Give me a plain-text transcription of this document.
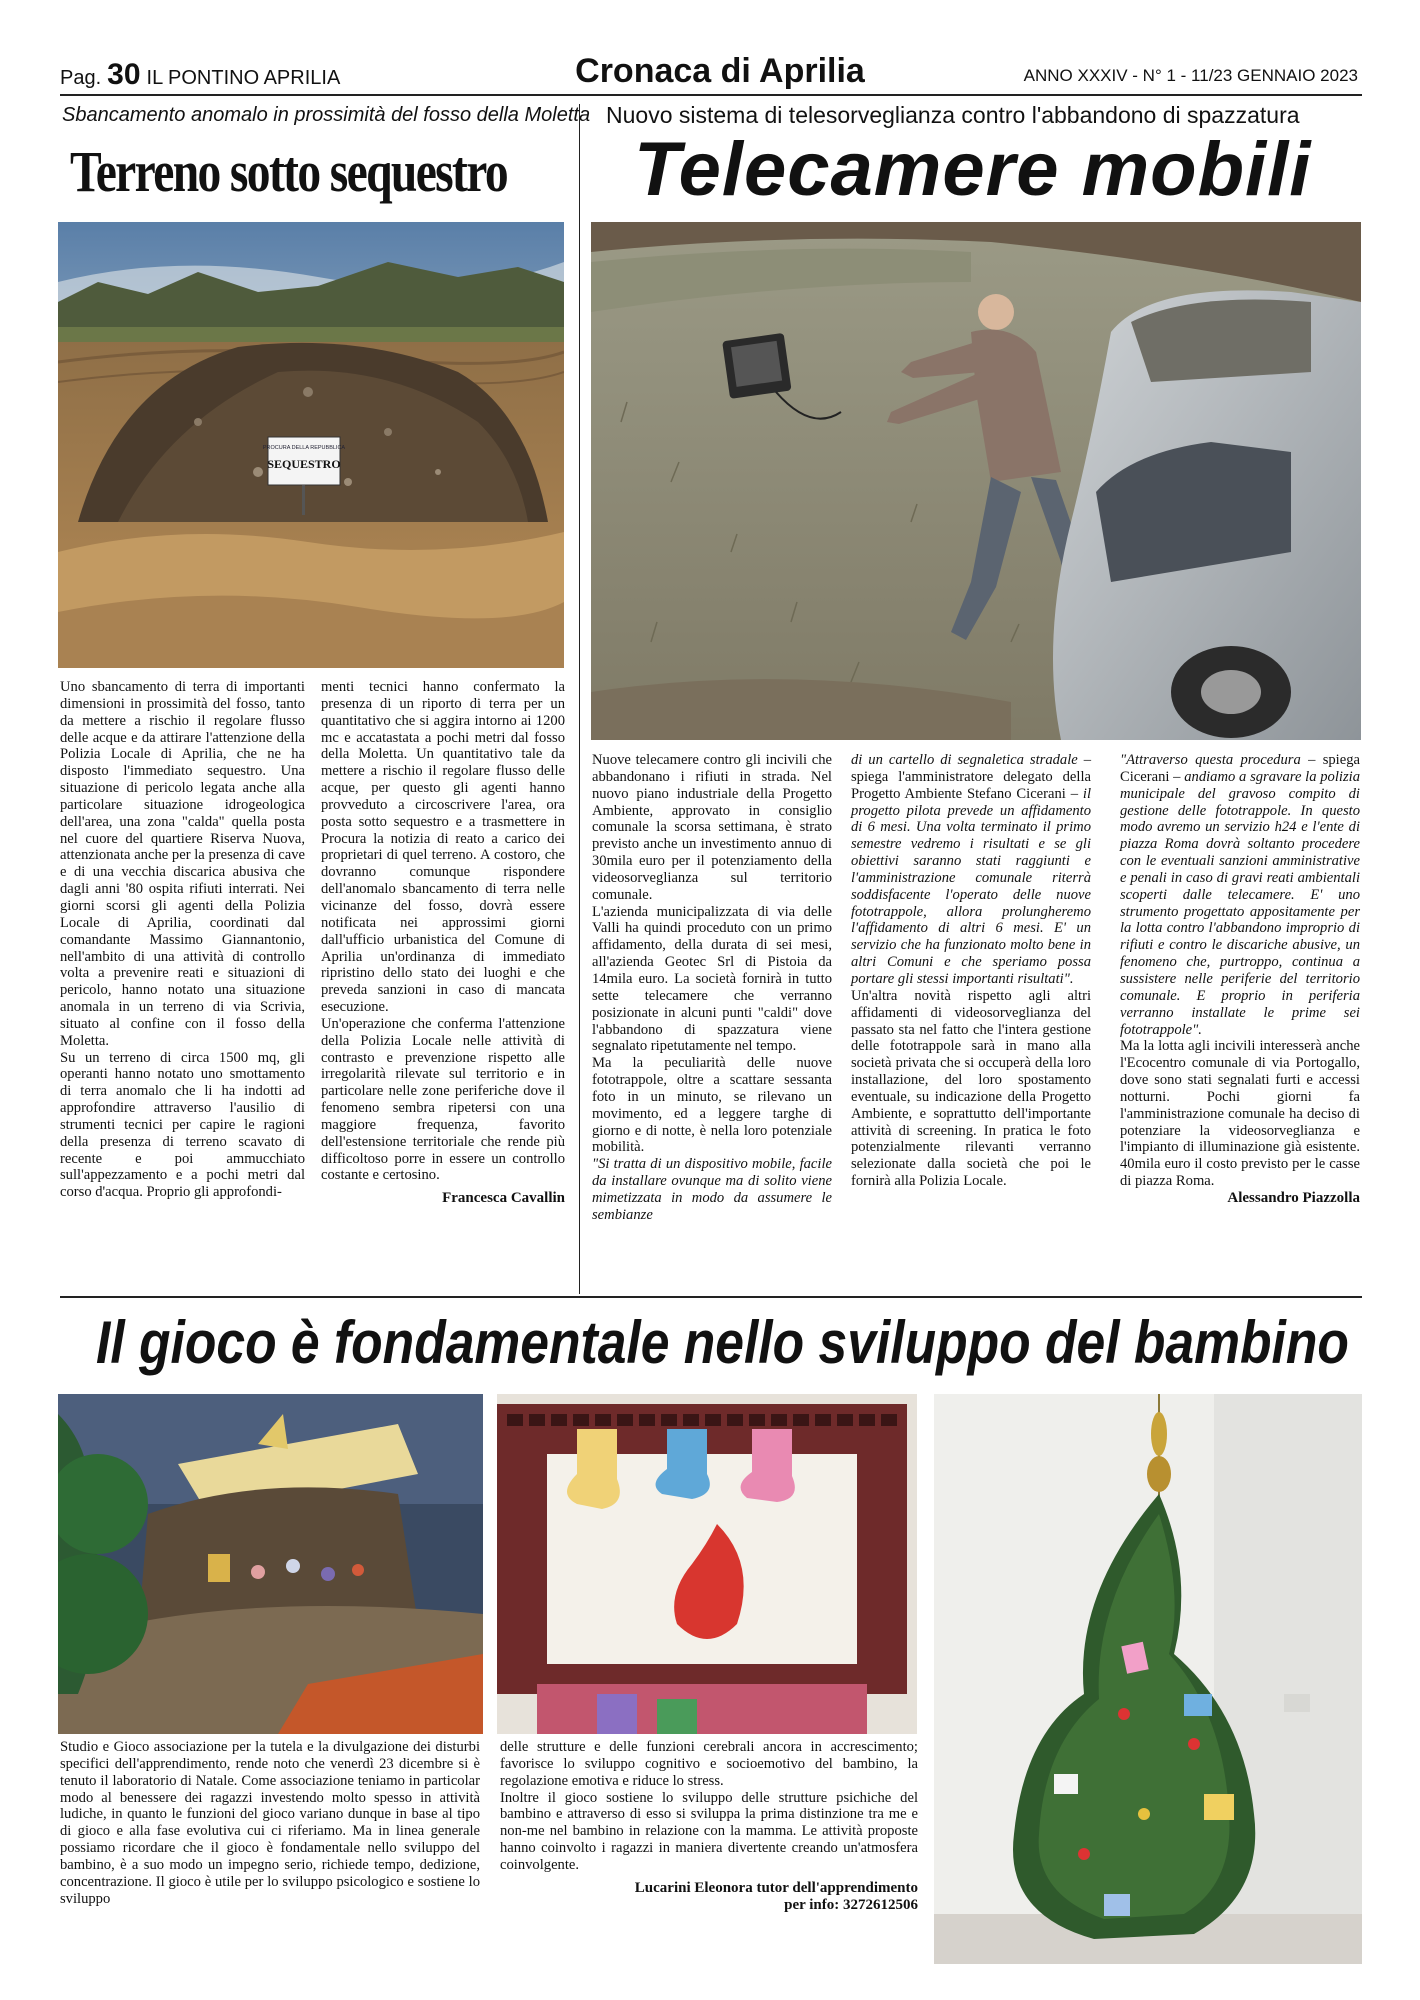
Pag. 30 IL PONTINO APRILIA	Cronaca di Aprilia	ANNO XXXIV - N° 1 - 11/23 GENNAIO 2023
Sbancamento anomalo in prossimità del fosso della Moletta
Terreno sotto sequestro
PROCURA DELLA REPUBBLICA
SEQUESTRO

Uno sbancamento di terra di importanti dimensioni in prossimità del fosso, tanto da mettere a rischio il regolare flusso delle acque e da attirare l'attenzione della Polizia Locale di Aprilia, che ne ha disposto l'immediato sequestro. Una situazione di pericolo legata anche alla particolare situazione idrogeologica dell'area, una zona "calda" quella posta nel cuore del quartiere Riserva Nuova, attenzionata anche per la presenza di cave e di una vecchia discarica abusiva che dagli anni '80 ospita rifiuti interrati. Nei giorni scorsi gli agenti della Polizia Locale di Aprilia, coordinati dal comandante Massimo Giannantonio, nell'ambito di una attività di controllo volta a prevenire reati e situazioni di pericolo, hanno notato una situazione anomala in un terreno di via Scrivia, situato al confine con il fosso della Moletta.

Su un terreno di circa 1500 mq, gli operanti hanno notato uno smottamento di terra anomalo che li ha indotti ad approfondire attraverso l'ausilio di strumenti tecnici per capire le ragioni della presenza di terreno scavato di recente e poi ammucchiato sull'appezzamento e a pochi metri dal corso d'acqua. Proprio gli approfondi-

menti tecnici hanno confermato la presenza di un riporto di terra per un quantitativo che si aggira intorno ai 1200 mc e accatastata a pochi metri dal fosso della Moletta. Un quantitativo tale da mettere a rischio il regolare flusso delle acque, per questo gli agenti hanno provveduto a circoscrivere l'area, ora posta sotto sequestro e a trasmettere in Procura la notizia di reato a carico dei proprietari di quel terreno. A costoro, che dovranno comunque rispondere dell'anomalo sbancamento di terra nelle vicinanze del fosso, dovrà essere notificata nei approssimi giorni dall'ufficio urbanistica del Comune di Aprilia un'ordinanza di immediato ripristino dello stato dei luoghi e che preveda sanzioni in caso di mancata esecuzione.

Un'operazione che conferma l'attenzione della Polizia Locale nelle attività di contrasto e prevenzione rispetto alle irregolarità rilevate sul territorio e in particolare nelle zone periferiche dove il fenomeno sembra ripetersi con una maggiore frequenza, favorito dell'estensione territoriale che rende più difficoltoso porre in essere un controllo costante e certosino.

Francesca Cavallin
Nuovo sistema di telesorveglianza contro l'abbandono di spazzatura
Telecamere mobili

Nuove telecamere contro gli incivili che abbandonano i rifiuti in strada. Nel nuovo piano industriale della Progetto Ambiente, approvato in consiglio comunale la scorsa settimana, è strato previsto anche un investimento annuo di 30mila euro per il potenziamento della videosorveglianza sul territorio comunale.

L'azienda municipalizzata di via delle Valli ha quindi proceduto con un primo affidamento, della durata di sei mesi, all'azienda Geotec Srl di Pistoia da 14mila euro. La società fornirà in tutto sette telecamere che verranno posizionate in alcuni punti "caldi" dove l'abbandono di spazzatura viene segnalato ripetutamente nel tempo.

Ma la peculiarità delle nuove fototrappole, oltre a scattare sessanta foto in un minuto, se rilevano un movimento, ed a leggere targhe di giorno e di notte, è nella loro potenziale mobilità.

"Si tratta di un dispositivo mobile, facile da installare ovunque ma di solito viene mimetizzata in modo da assumere le sembianze

di un cartello di segnaletica stradale – spiega l'amministratore delegato della Progetto Ambiente Stefano Cicerani – il progetto pilota prevede un affidamento di 6 mesi. Una volta terminato il primo semestre vedremo i risultati e se gli obiettivi saranno stati raggiunti e l'amministrazione comunale riterrà soddisfacente l'operato delle nuove fototrappole, allora prolungheremo l'affidamento di altri 6 mesi. E' un servizio che ha funzionato molto bene in altri Comuni e che speriamo possa portare gli stessi importanti risultati".

Un'altra novità rispetto agli altri affidamenti di videosorveglianza del passato sta nel fatto che l'intera gestione delle fototrappole sarà in mano alla società privata che si occuperà della loro installazione, del loro spostamento eventuale, su indicazione della Progetto Ambiente, e soprattutto dell'importante attività di screening. In pratica le foto potenzialmente rilevanti verranno selezionate dalla società che poi le fornirà alla Polizia Locale.

"Attraverso questa procedura – spiega Cicerani – andiamo a sgravare la polizia municipale del gravoso compito di gestione delle fototrappole. In questo modo avremo un servizio h24 e l'ente di piazza Roma dovrà soltanto procedere con le eventuali sanzioni amministrative e penali in caso di gravi reati ambientali scoperti dalle telecamere. E' uno strumento progettato appositamente per la lotta contro l'abbandono improprio di rifiuti e contro le discariche abusive, un fenomeno che, purtroppo, continua a sussistere nelle periferie del territorio comunale. E proprio in periferia verranno installate le prime sei fototrappole".

Ma la lotta agli incivili interesserà anche l'Ecocentro comunale di via Portogallo, dove sono stati segnalati furti e accessi notturni. Pochi giorni fa l'amministrazione comunale ha deciso di potenziare la videosorveglianza e l'impianto di illuminazione già esistente. 40mila euro il costo previsto per le casse di piazza Roma.

Alessandro Piazzolla
Il gioco è fondamentale nello sviluppo del bambino

Studio e Gioco associazione per la tutela e la divulgazione dei disturbi specifici dell'apprendimento, rende noto che venerdì 23 dicembre si è tenuto il laboratorio di Natale. Come associazione teniamo in particolar modo al benessere dei ragazzi investendo molto spesso in attività ludiche, in quanto le funzioni del gioco variano dunque in base al tipo di gioco e alla fase evolutiva cui ci riferiamo. Ma in linea generale possiamo ricordare che il gioco è fondamentale nello sviluppo del bambino, è a suo modo un impegno serio, richiede tempo, dedizione, concentrazione. Il gioco è utile per lo sviluppo psicologico e sostiene lo sviluppo

delle strutture e delle funzioni cerebrali ancora in accrescimento; favorisce lo sviluppo cognitivo e socioemotivo del bambino, la regolazione emotiva e riduce lo stress.

Inoltre il gioco sostiene lo sviluppo delle strutture psichiche del bambino e attraverso di esso si sviluppa la prima distinzione tra me e non-me nel bambino in relazione con la mamma. Le attività proposte hanno coinvolto i ragazzi in maniera divertente creando un'atmosfera coinvolgente.

Lucarini Eleonora tutor dell'apprendimento
per info: 3272612506
